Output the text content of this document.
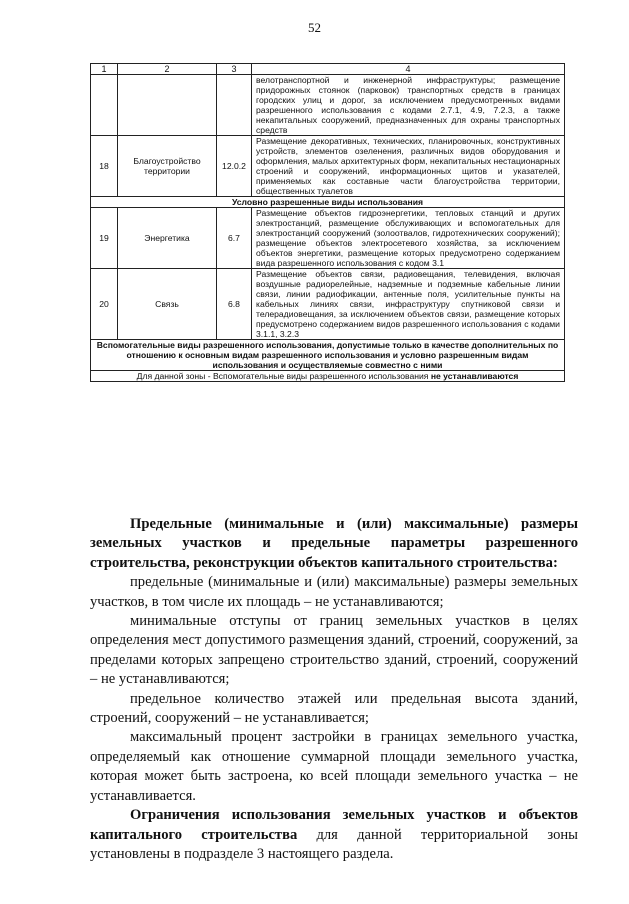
52
1	2	3	4
			велотранспортной и инженерной инфраструктуры; размещение придорожных стоянок (парковок) транспортных средств в границах городских улиц и дорог, за исключением предусмотренных видами разрешенного использования с кодами 2.7.1, 4.9, 7.2.3, а также некапитальных сооружений, предназначенных для охраны транспортных средств
18	Благоустройство территории	12.0.2	Размещение декоративных, технических, планировочных, конструктивных устройств, элементов озеленения, различных видов оборудования и оформления, малых архитектурных форм, некапитальных нестационарных строений и сооружений, информационных щитов и указателей, применяемых как составные части благоустройства территории, общественных туалетов
Условно разрешенные виды использования			
19	Энергетика	6.7	Размещение объектов гидроэнергетики, тепловых станций и других электростанций, размещение обслуживающих и вспомогательных для электростанций сооружений (золоотвалов, гидротехнических сооружений); размещение объектов электросетевого хозяйства, за исключением объектов энергетики, размещение которых предусмотрено содержанием вида разрешенного использования с кодом 3.1
20	Связь	6.8	Размещение объектов связи, радиовещания, телевидения, включая воздушные радиорелейные, надземные и подземные кабельные линии связи, линии радиофикации, антенные поля, усилительные пункты на кабельных линиях связи, инфраструктуру спутниковой связи и телерадиовещания, за исключением объектов связи, размещение которых предусмотрено содержанием видов разрешенного использования с кодами 3.1.1, 3.2.3
Вспомогательные виды разрешенного использования, допустимые только в качестве дополнительных по отношению к основным видам разрешенного использования и условно разрешенным видам использования и осуществляемые совместно с ними			
Для данной зоны - Вспомогательные виды разрешенного использования не устанавливаются			

Предельные (минимальные и (или) максимальные) размеры земельных участков и предельные параметры разрешенного строительства, реконструкции объектов капитального строительства:

предельные (минимальные и (или) максимальные) размеры земельных участков, в том числе их площадь – не устанавливаются;

минимальные отступы от границ земельных участков в целях определения мест допустимого размещения зданий, строений, сооружений, за пределами которых запрещено строительство зданий, строений, сооружений – не устанавливаются;

предельное количество этажей или предельная высота зданий, строений, сооружений – не устанавливается;

максимальный процент застройки в границах земельного участка, определяемый как отношение суммарной площади земельного участка, которая может быть застроена, ко всей площади земельного участка – не устанавливается.

Ограничения использования земельных участков и объектов капитального строительства для данной территориальной зоны установлены в подразделе 3 настоящего раздела.
